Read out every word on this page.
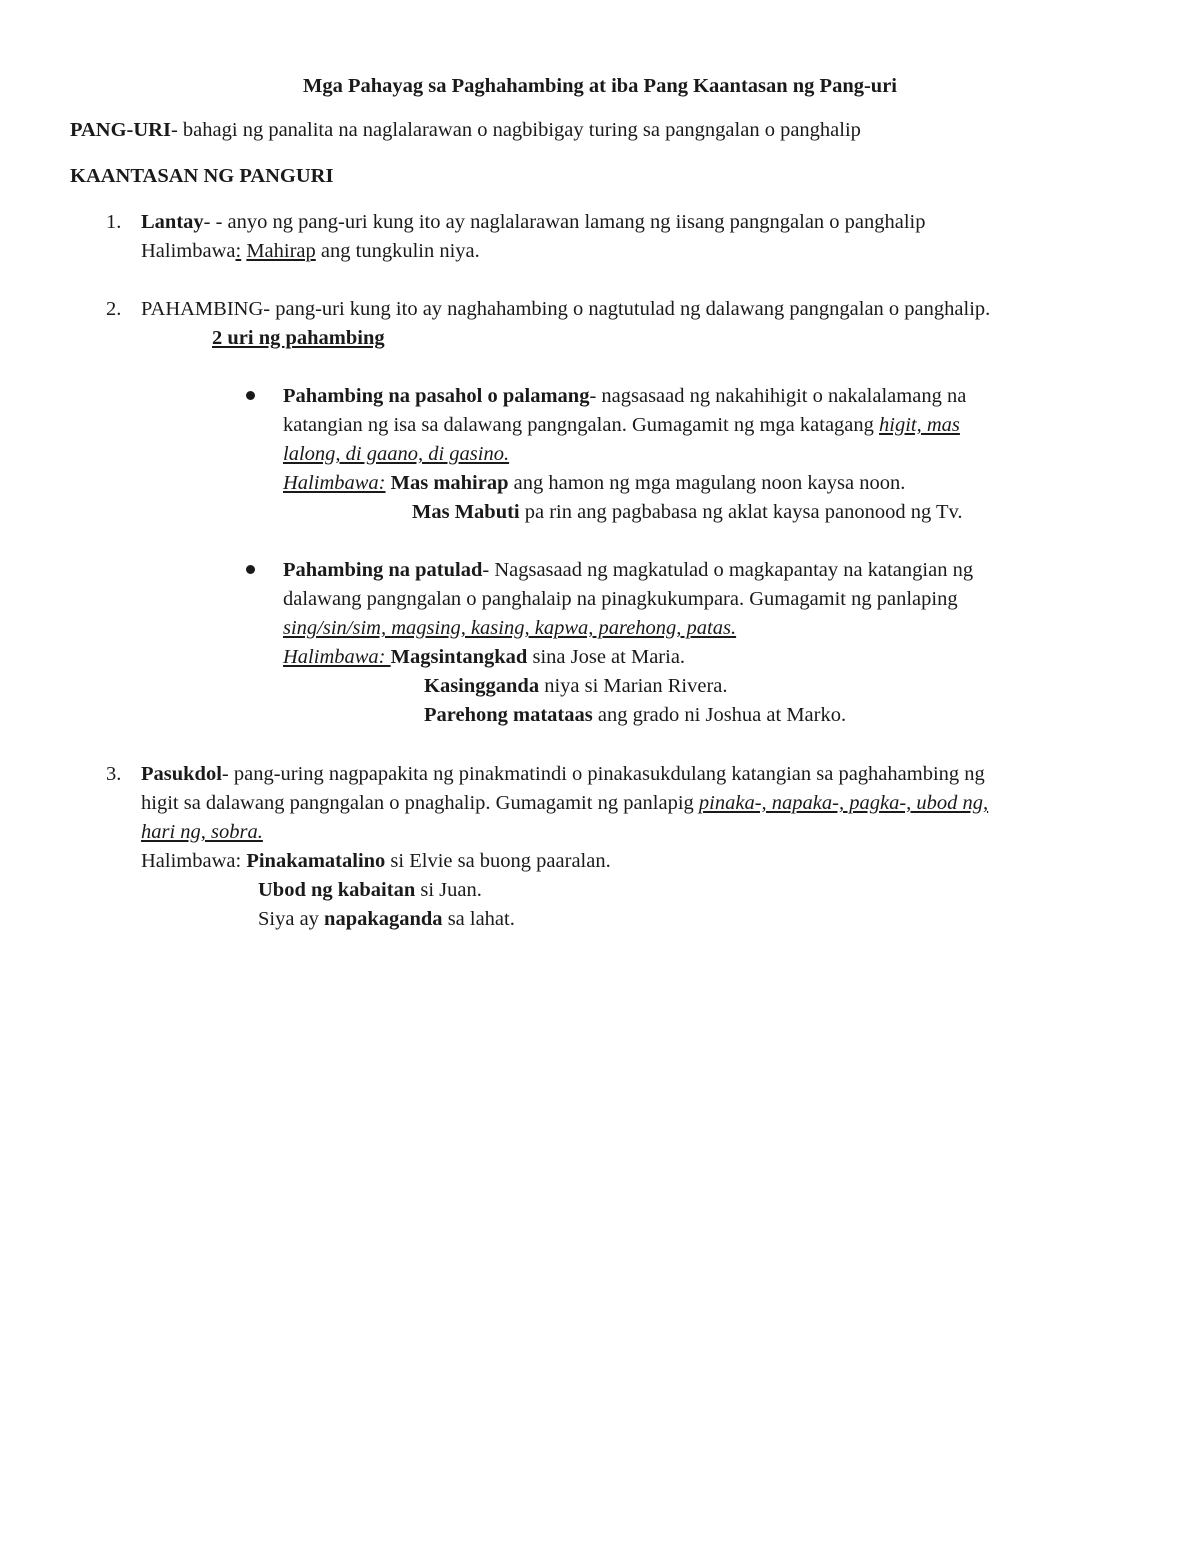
Mga Pahayag sa Paghahambing at iba Pang Kaantasan ng Pang-uri
PANG-URI- bahagi ng panalita na naglalarawan o nagbibigay turing sa pangngalan o panghalip
KAANTASAN NG PANGURI
1. Lantay- - anyo ng pang-uri kung ito ay naglalarawan lamang ng iisang pangngalan o panghalip
Halimbawa: Mahirap ang tungkulin niya.
2. PAHAMBING- pang-uri kung ito ay naghahambing o nagtutulad ng dalawang pangngalan o panghalip.
2 uri ng pahambing
Pahambing na pasahol o palamang- nagsasaad ng nakahihigit o nakalalamang na
katangian ng isa sa dalawang pangngalan. Gumagamit ng mga katagang higit, mas
lalong, di gaano, di gasino.
Halimbawa: Mas mahirap ang hamon ng mga magulang noon kaysa noon.
Mas Mabuti pa rin ang pagbabasa ng aklat kaysa panonood ng Tv.
Pahambing na patulad- Nagsasaad ng magkatulad o magkapantay na katangian ng
dalawang pangngalan o panghalaip na pinagkukumpara. Gumagamit ng panlaping
sing/sin/sim, magsing, kasing, kapwa, parehong, patas.
Halimbawa: Magsintangkad sina Jose at Maria.
Kasingganda niya si Marian Rivera.
Parehong matataas ang grado ni Joshua at Marko.
3. Pasukdol- pang-uring nagpapakita ng pinakmatindi o pinakasukdulang katangian sa paghahambing ng
higit sa dalawang pangngalan o pnaghalip. Gumagamit ng panlapig pinaka-, napaka-, pagka-, ubod ng,
hari ng, sobra.
Halimbawa: Pinakamatalino si Elvie sa buong paaralan.
Ubod ng kabaitan si Juan.
Siya ay napakaganda sa lahat.
